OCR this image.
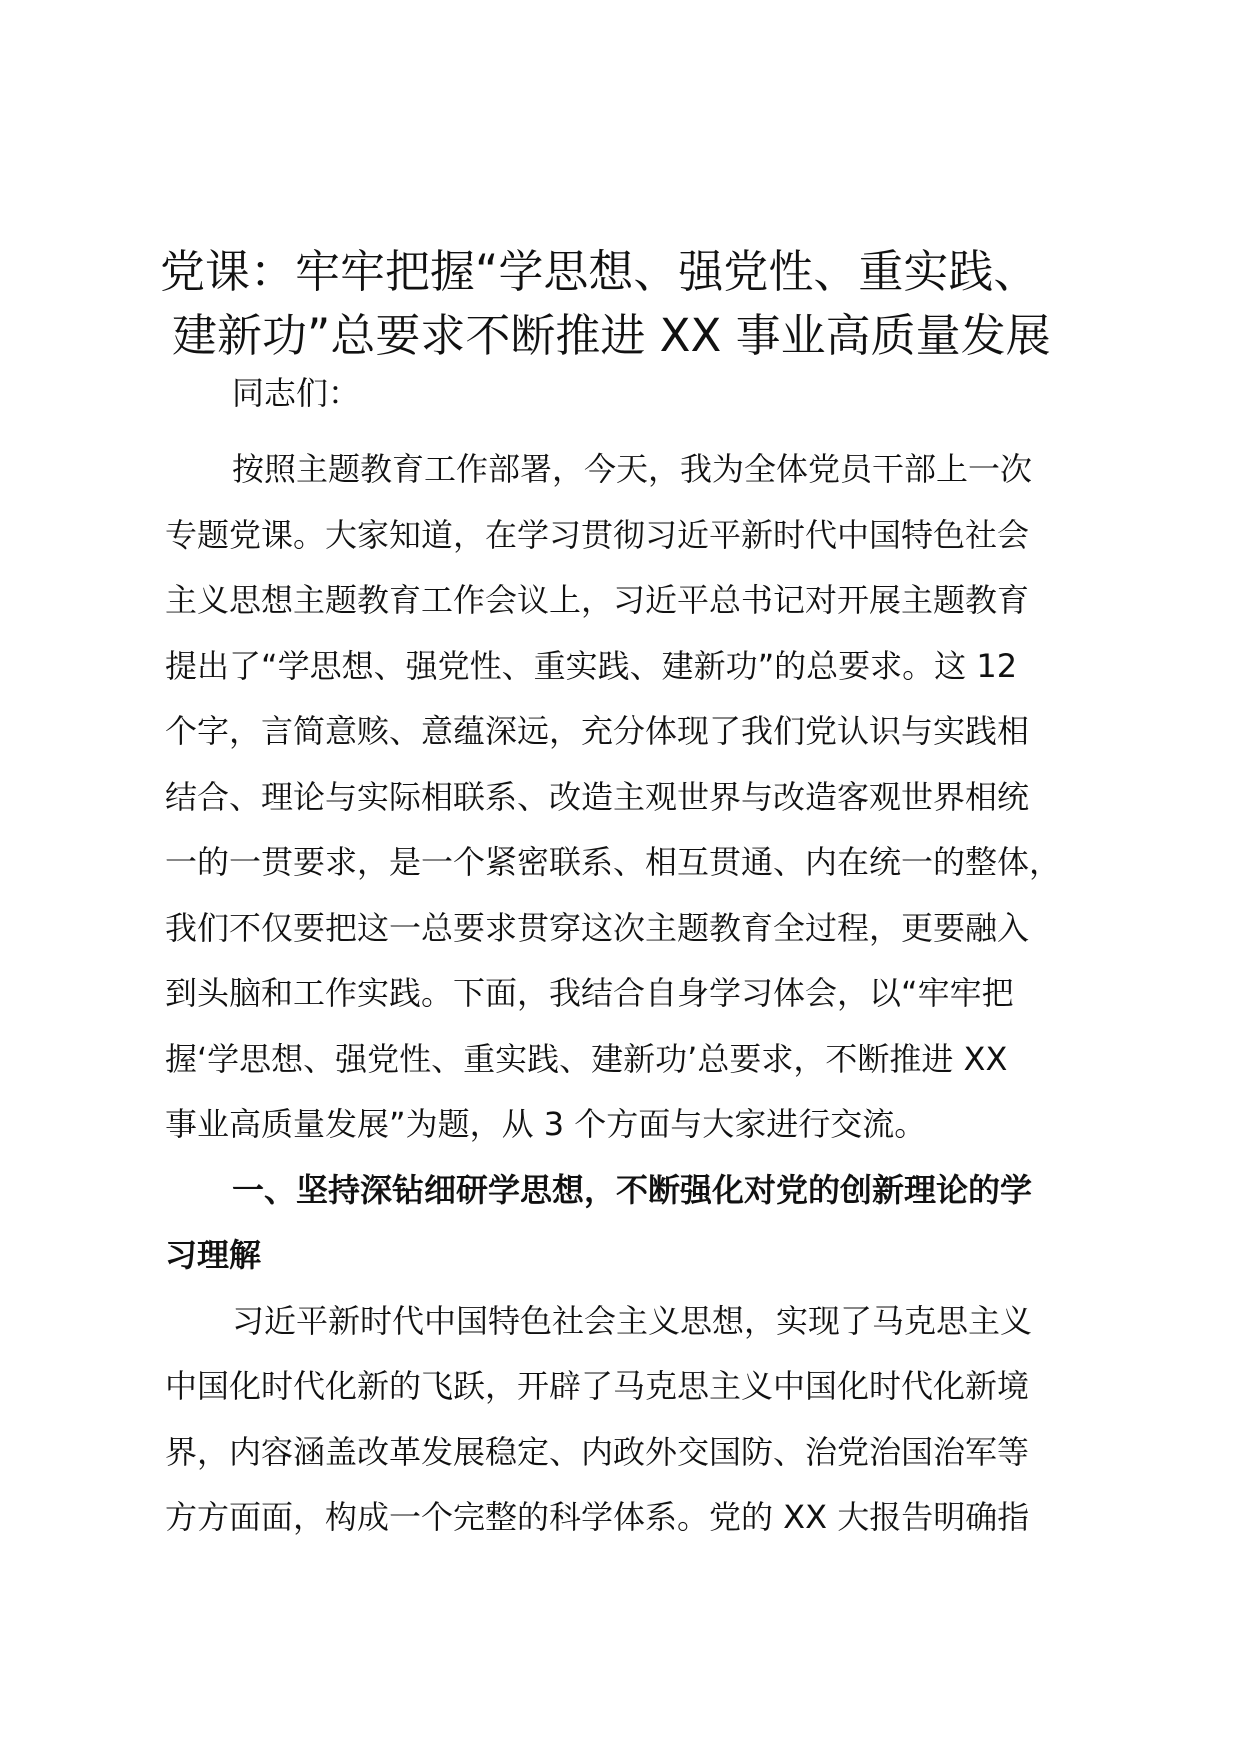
党课：牢牢把握“学思想、强党性、重实践、
建新功”总要求不断推进 XX 事业高质量发展
同志们：
按照主题教育工作部署，今天，我为全体党员干部上一次
专题党课。大家知道，在学习贯彻习近平新时代中国特色社会
主义思想主题教育工作会议上，习近平总书记对开展主题教育
提出了“学思想、强党性、重实践、建新功”的总要求。这 12
个字，言简意赅、意蕴深远，充分体现了我们党认识与实践相
结合、理论与实际相联系、改造主观世界与改造客观世界相统
一的一贯要求，是一个紧密联系、相互贯通、内在统一的整体，
我们不仅要把这一总要求贯穿这次主题教育全过程，更要融入
到头脑和工作实践。下面，我结合自身学习体会，以“牢牢把
握‘学思想、强党性、重实践、建新功’总要求，不断推进 XX
事业高质量发展”为题，从 3 个方面与大家进行交流。
一、坚持深钻细研学思想，不断强化对党的创新理论的学
习理解
习近平新时代中国特色社会主义思想，实现了马克思主义
中国化时代化新的飞跃，开辟了马克思主义中国化时代化新境
界，内容涵盖改革发展稳定、内政外交国防、治党治国治军等
方方面面，构成一个完整的科学体系。党的 XX 大报告明确指
